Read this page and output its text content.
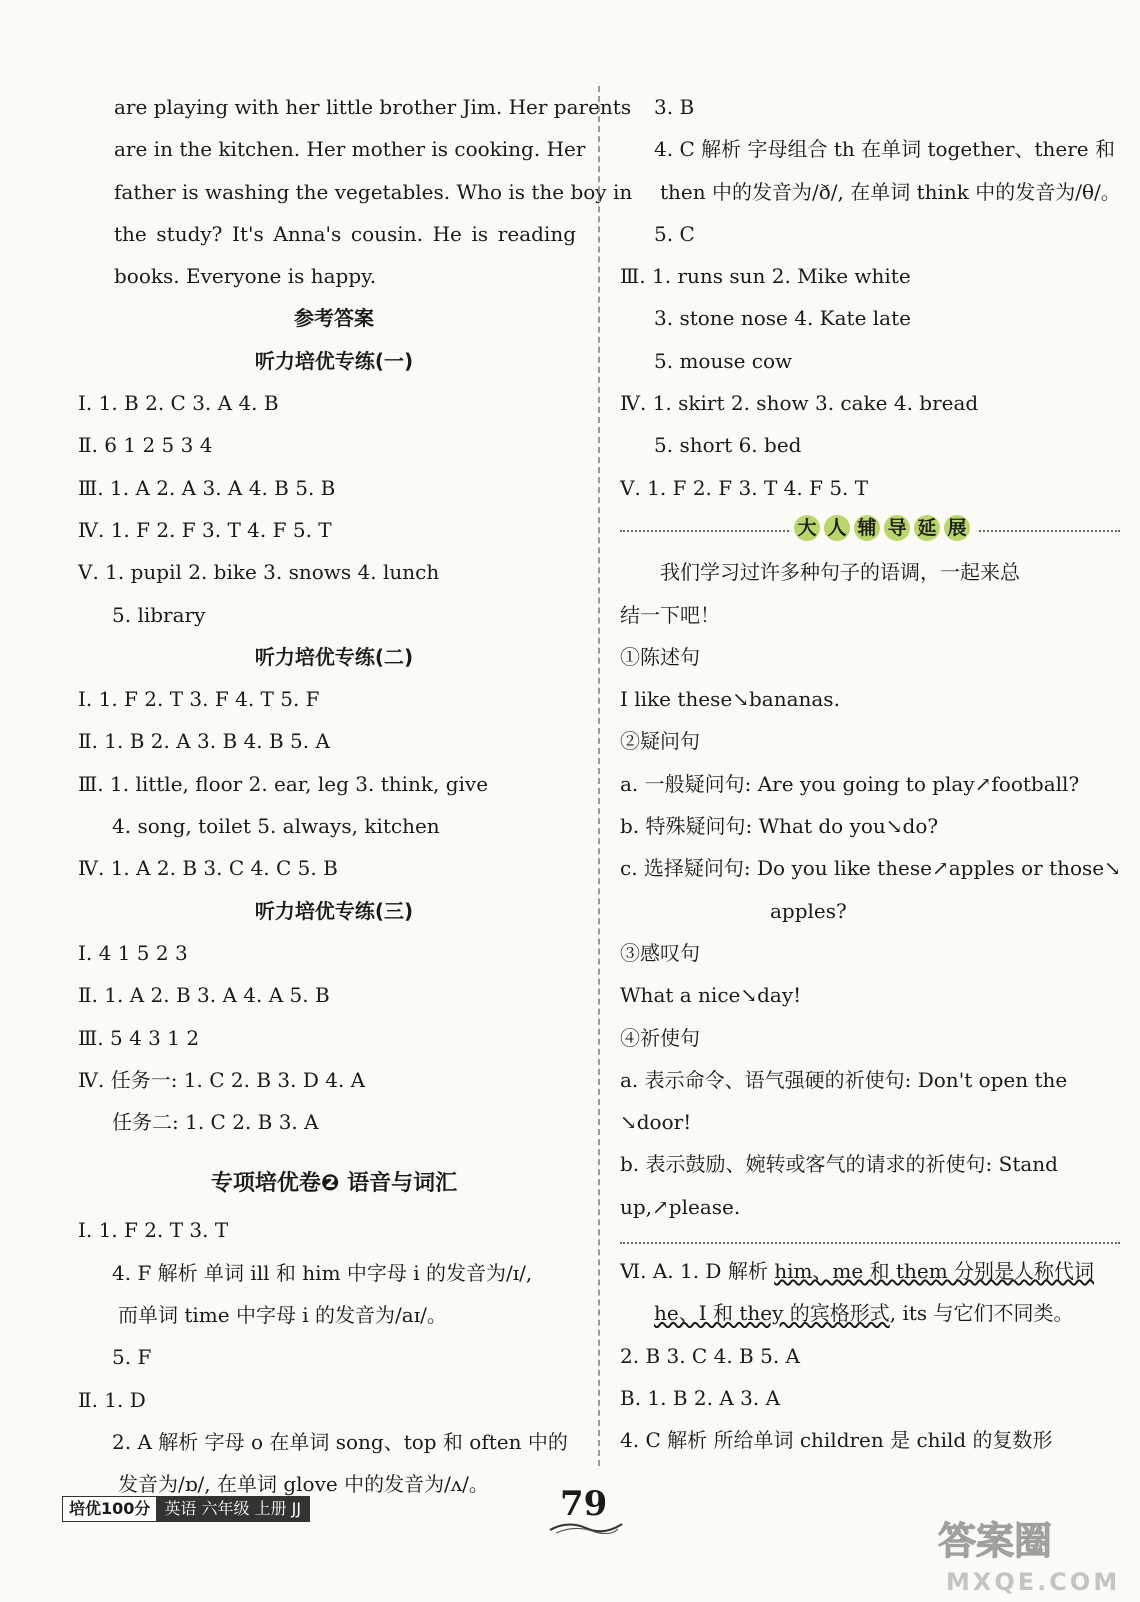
are playing with her little brother Jim. Her parents
are in the kitchen. Her mother is cooking. Her
father is washing the vegetables. Who is the boy in
the study? It's Anna's cousin. He is reading
books. Everyone is happy.
参考答案
听力培优专练(一)
Ⅰ. 1. B 2. C 3. A 4. B
Ⅱ. 6 1 2 5 3 4
Ⅲ. 1. A 2. A 3. A 4. B 5. B
Ⅳ. 1. F 2. F 3. T 4. F 5. T
Ⅴ. 1. pupil 2. bike 3. snows 4. lunch
5. library
听力培优专练(二)
Ⅰ. 1. F 2. T 3. F 4. T 5. F
Ⅱ. 1. B 2. A 3. B 4. B 5. A
Ⅲ. 1. little, floor 2. ear, leg 3. think, give
4. song, toilet 5. always, kitchen
Ⅳ. 1. A 2. B 3. C 4. C 5. B
听力培优专练(三)
Ⅰ. 4 1 5 2 3
Ⅱ. 1. A 2. B 3. A 4. A 5. B
Ⅲ. 5 4 3 1 2
Ⅳ. 任务一: 1. C 2. B 3. D 4. A
任务二: 1. C 2. B 3. A
专项培优卷❷ 语音与词汇
Ⅰ. 1. F 2. T 3. T
4. F 解析 单词 ill 和 him 中字母 i 的发音为/ɪ/,
而单词 time 中字母 i 的发音为/aɪ/。
5. F
Ⅱ. 1. D
2. A 解析 字母 o 在单词 song、top 和 often 中的
发音为/ɒ/, 在单词 glove 中的发音为/ʌ/。
3. B
4. C 解析 字母组合 th 在单词 together、there 和
then 中的发音为/ð/, 在单词 think 中的发音为/θ/。
5. C
Ⅲ. 1. runs sun 2. Mike white
3. stone nose 4. Kate late
5. mouse cow
Ⅳ. 1. skirt 2. show 3. cake 4. bread
5. short 6. bed
Ⅴ. 1. F 2. F 3. T 4. F 5. T
大 人 辅 导 延 展
我们学习过许多种句子的语调，一起来总
结一下吧！
①陈述句
I like these↘bananas.
②疑问句
a. 一般疑问句: Are you going to play↗football?
b. 特殊疑问句: What do you↘do?
c. 选择疑问句: Do you like these↗apples or those↘
apples?
③感叹句
What a nice↘day!
④祈使句
a. 表示命令、语气强硬的祈使句: Don't open the
↘door!
b. 表示鼓励、婉转或客气的请求的祈使句: Stand
up,↗please.
Ⅵ. A. 1. D 解析 him、me 和 them 分别是人称代词
he、I 和 they 的宾格形式, its 与它们不同类。
2. B 3. C 4. B 5. A
B. 1. B 2. A 3. A
4. C 解析 所给单词 children 是 child 的复数形
培优100分 英语 六年级 上册 JJ	79
答案圈
MXQE.COM
